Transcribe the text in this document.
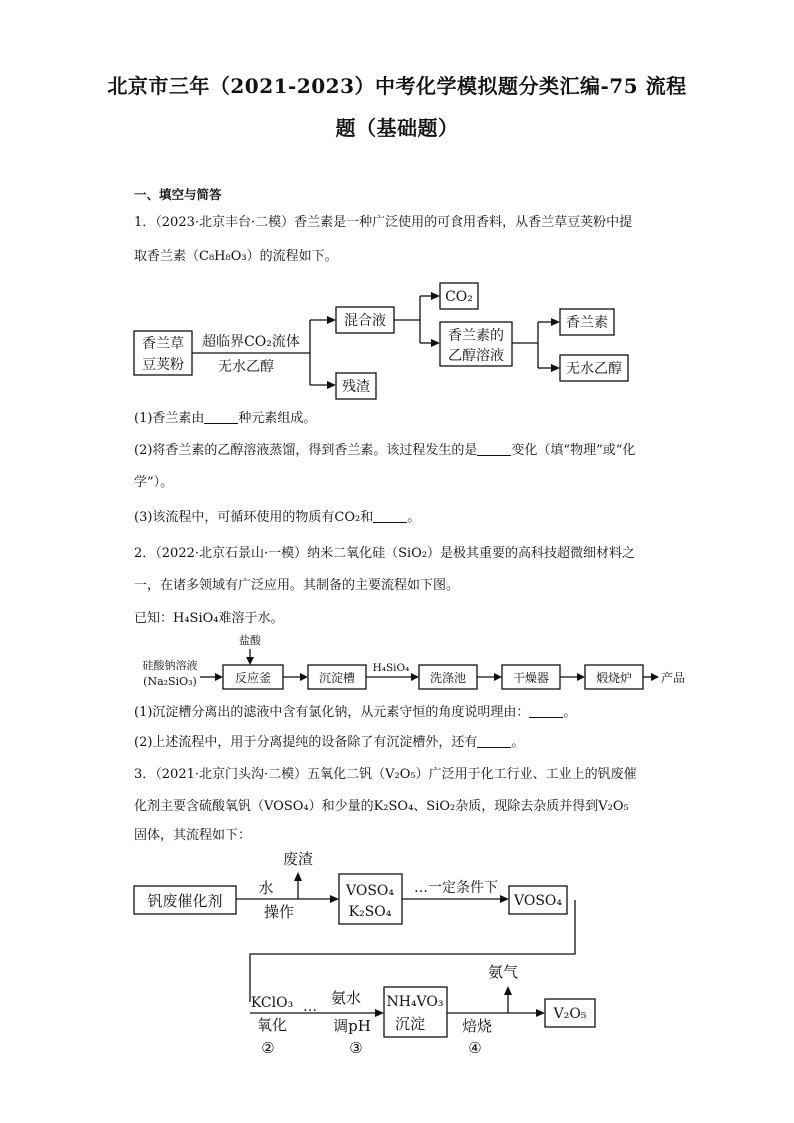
北京市三年（2021-2023）中考化学模拟题分类汇编-75 流程
题（基础题）
一、填空与简答
1．（2023·北京丰台·二模）香兰素是一种广泛使用的可食用香料，从香兰草豆荚粉中提
取香兰素（C₈H₈O₃）的流程如下。
香兰草
豆荚粉
超临界CO₂流体
无水乙醇
混合液
残渣
CO₂
香兰素的
乙醇溶液
香兰素
无水乙醇
盐酸
硅酸钠溶液
(Na₂SiO₃)	反应釜	沉淀槽
H₄SiO₄
洗涤池	干燥器	煅烧炉 产品
钒废催化剂
水
操作
废渣
VOSO₄
K₂SO₄
…一定条件下
VOSO₄
KClO₃
氧化
②
… 氨水
调pH
③
NH₄VO₃
沉淀
氨气
焙烧
④
V₂O₅
(1)香兰素由	种元素组成。
(2)将香兰素的乙醇溶液蒸馏，得到香兰素。该过程发生的是	变化（填“物理”或“化
学”）。
(3)该流程中，可循环使用的物质有CO₂和	。
2．（2022·北京石景山·一模）纳米二氧化硅（SiO₂）是极其重要的高科技超微细材料之
一，在诸多领域有广泛应用。其制备的主要流程如下图。
已知：H₄SiO₄难溶于水。
(1)沉淀槽分离出的滤液中含有氯化钠，从元素守恒的角度说明理由：	。
(2)上述流程中，用于分离提纯的设备除了有沉淀槽外，还有	。
3．（2021·北京门头沟·二模）五氧化二钒（V₂O₅）广泛用于化工行业、工业上的钒废催
化剂主要含硫酸氧钒（VOSO₄）和少量的K₂SO₄、SiO₂杂质，现除去杂质并得到V₂O₅
固体，其流程如下：
